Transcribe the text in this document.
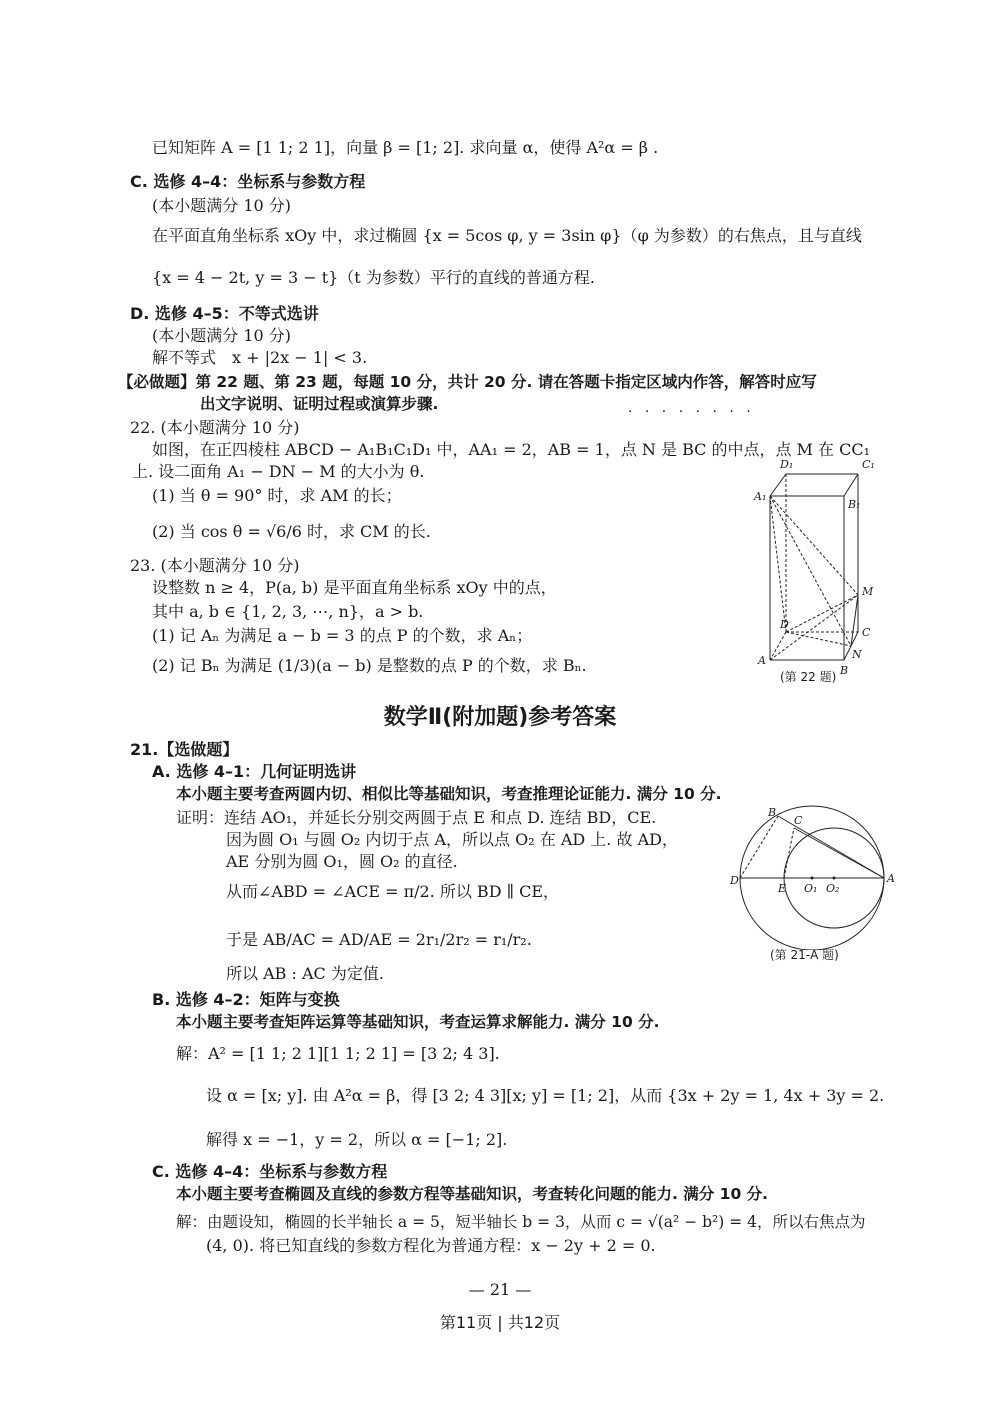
已知矩阵 A = [1 1; 2 1]，向量 β = [1; 2]. 求向量 α，使得 A²α = β .
C. 选修 4–4：坐标系与参数方程
(本小题满分 10 分)
在平面直角坐标系 xOy 中，求过椭圆 {x = 5cos φ, y = 3sin φ}（φ 为参数）的右焦点，且与直线
{x = 4 − 2t, y = 3 − t}（t 为参数）平行的直线的普通方程.
D. 选修 4–5：不等式选讲
(本小题满分 10 分)
解不等式　x + |2x − 1| < 3.
【必做题】第 22 题、第 23 题，每题 10 分，共计 20 分. 请在答题卡指定区域内作答，解答时应写
出文字说明、证明过程或演算步骤.	· · · · · · · ·
22. (本小题满分 10 分)
如图，在正四棱柱 ABCD − A₁B₁C₁D₁ 中，AA₁ = 2，AB = 1，点 N 是 BC 的中点，点 M 在 CC₁
上. 设二面角 A₁ − DN − M 的大小为 θ.
(1) 当 θ = 90° 时，求 AM 的长；
(2) 当 cos θ = √6/6 时，求 CM 的长.
23. (本小题满分 10 分)
设整数 n ≥ 4，P(a, b) 是平面直角坐标系 xOy 中的点，
其中 a, b ∈ {1, 2, 3, ⋯, n}，a > b.
(1) 记 Aₙ 为满足 a − b = 3 的点 P 的个数，求 Aₙ；
(2) 记 Bₙ 为满足 (1/3)(a − b) 是整数的点 P 的个数，求 Bₙ.
D₁	C₁
A₁
B₁
M
D
C
N
A
B
(第 22 题)
数学Ⅱ(附加题)参考答案
21.【选做题】
A. 选修 4–1：几何证明选讲
本小题主要考查两圆内切、相似比等基础知识，考查推理论证能力. 满分 10 分.
证明：连结 AO₁，并延长分别交两圆于点 E 和点 D. 连结 BD，CE.
因为圆 O₁ 与圆 O₂ 内切于点 A，所以点 O₂ 在 AD 上. 故 AD，
AE 分别为圆 O₁，圆 O₂ 的直径.
从而∠ABD = ∠ACE = π/2. 所以 BD ∥ CE，
于是 AB/AC = AD/AE = 2r₁/2r₂ = r₁/r₂.
所以 AB : AC 为定值.
B
C
D
E O₁ O₂
A
(第 21-A 题)
B. 选修 4–2：矩阵与变换
本小题主要考查矩阵运算等基础知识，考查运算求解能力. 满分 10 分.
解：A² = [1 1; 2 1][1 1; 2 1] = [3 2; 4 3].
设 α = [x; y]. 由 A²α = β，得 [3 2; 4 3][x; y] = [1; 2]，从而 {3x + 2y = 1, 4x + 3y = 2.
解得 x = −1，y = 2，所以 α = [−1; 2].
C. 选修 4–4：坐标系与参数方程
本小题主要考查椭圆及直线的参数方程等基础知识，考查转化问题的能力. 满分 10 分.
解：由题设知，椭圆的长半轴长 a = 5，短半轴长 b = 3，从而 c = √(a² − b²) = 4，所以右焦点为
(4, 0). 将已知直线的参数方程化为普通方程：x − 2y + 2 = 0.
— 21 —
第11页 | 共12页
